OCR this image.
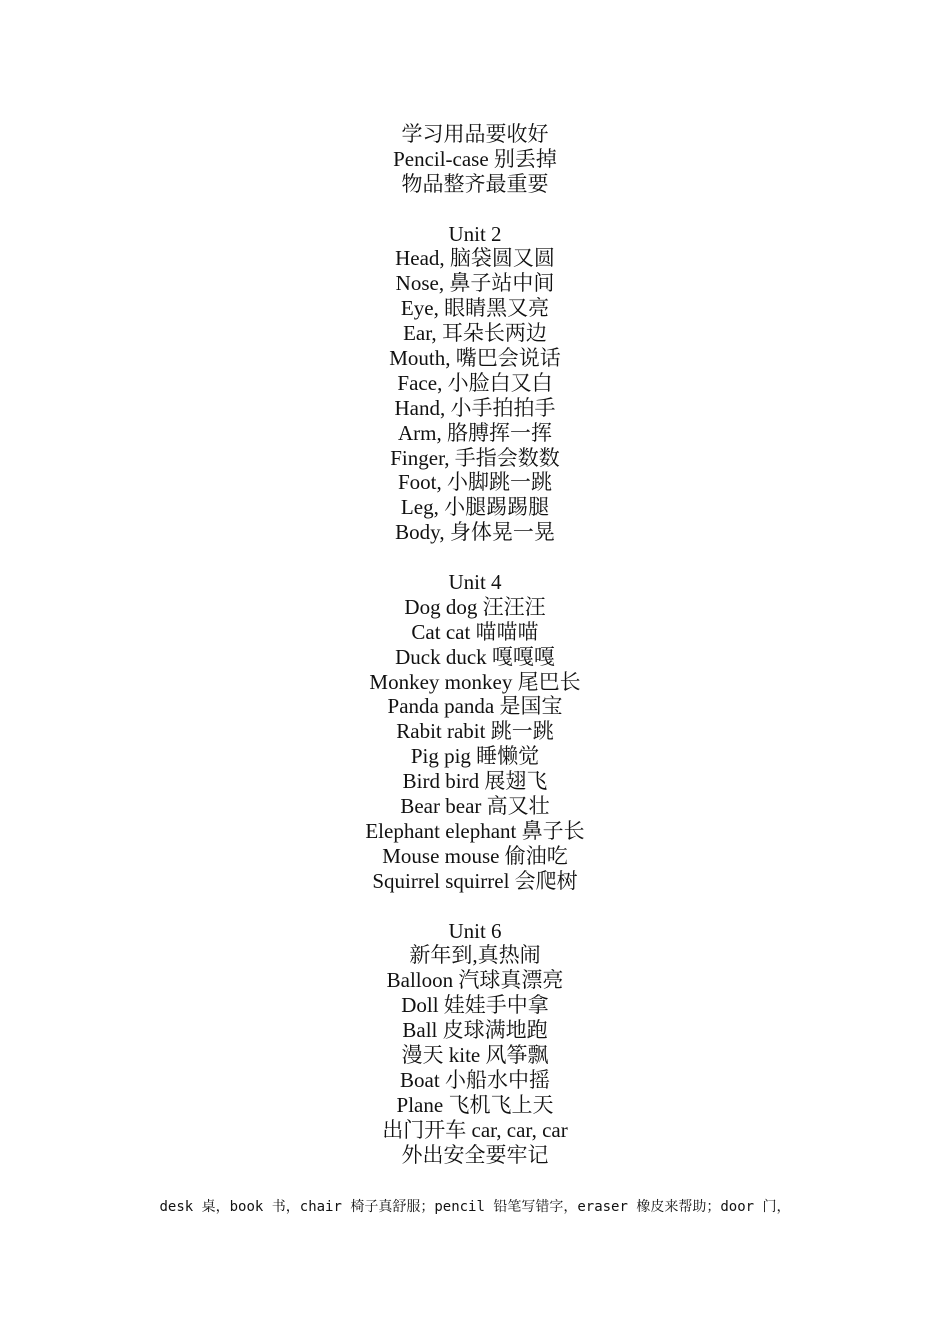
学习用品要收好
Pencil-case 别丢掉
物品整齐最重要
Unit 2
Head, 脑袋圆又圆
Nose, 鼻子站中间
Eye, 眼睛黑又亮
Ear, 耳朵长两边
Mouth, 嘴巴会说话
Face, 小脸白又白
Hand, 小手拍拍手
Arm, 胳膊挥一挥
Finger, 手指会数数
Foot, 小脚跳一跳
Leg, 小腿踢踢腿
Body, 身体晃一晃
Unit 4
Dog dog 汪汪汪
Cat cat 喵喵喵
Duck duck 嘎嘎嘎
Monkey monkey 尾巴长
Panda panda 是国宝
Rabit rabit 跳一跳
Pig pig 睡懒觉
Bird bird 展翅飞
Bear bear 高又壮
Elephant elephant 鼻子长
Mouse mouse 偷油吃
Squirrel squirrel 会爬树
Unit 6
新年到,真热闹
Balloon 汽球真漂亮
Doll 娃娃手中拿
Ball 皮球满地跑
漫天 kite 风筝飘
Boat 小船水中摇
Plane 飞机飞上天
出门开车 car, car, car
外出安全要牢记
desk 桌，book 书，chair 椅子真舒服；pencil 铅笔写错字，eraser 橡皮来帮助；door 门，
